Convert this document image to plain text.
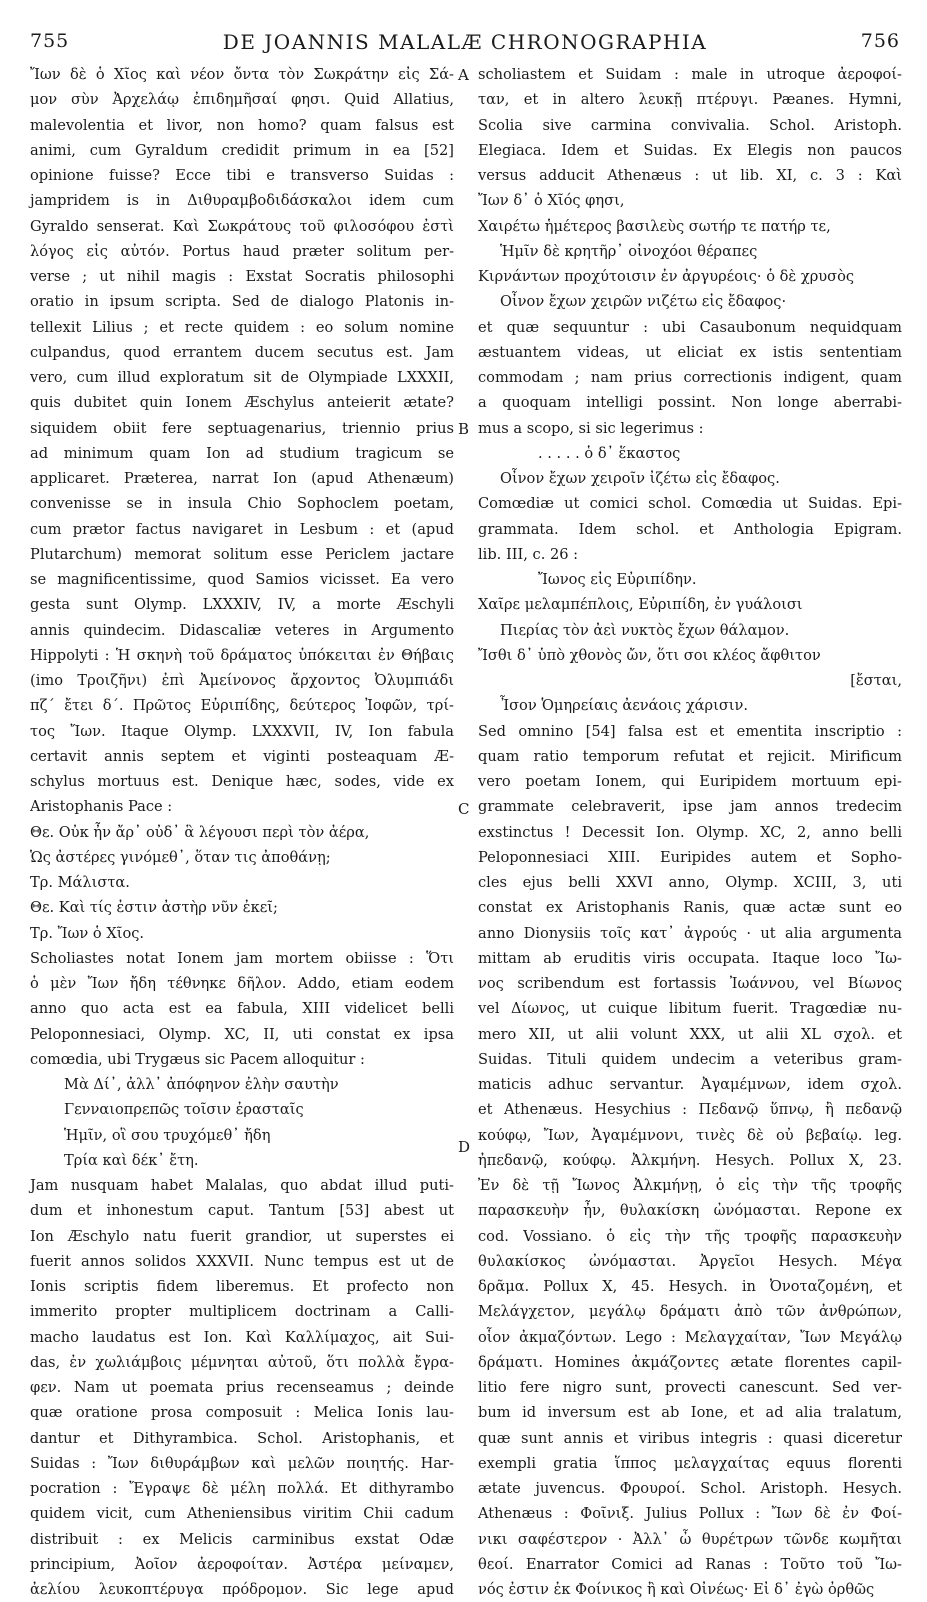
755	DE JOANNIS MALALÆ CHRONOGRAPHIA	756
Ἴων δὲ ὁ Χῖος καὶ νέον ὄντα τὸν Σωκράτην εἰς Σά-
μον σὺν Ἀρχελάῳ ἐπιδημῆσαί φησι. Quid Allatius,
malevolentia et livor, non homo? quam falsus est
animi, cum Gyraldum credidit primum in ea [52]
opinione fuisse? Ecce tibi e transverso Suidas :
jampridem is in Διθυραμβοδιδάσκαλοι idem cum
Gyraldo senserat. Καὶ Σωκράτους τοῦ φιλοσόφου ἐστὶ
λόγος εἰς αὐτόν. Portus haud præter solitum per-
verse ; ut nihil magis : Exstat Socratis philosophi
oratio in ipsum scripta. Sed de dialogo Platonis in-
tellexit Lilius ; et recte quidem : eo solum nomine
culpandus, quod errantem ducem secutus est. Jam
vero, cum illud exploratum sit de Olympiade LXXXII,
quis dubitet quin Ionem Æschylus anteierit ætate?
siquidem obiit fere septuagenarius, triennio prius
ad minimum quam Ion ad studium tragicum se
applicaret. Præterea, narrat Ion (apud Athenæum)
convenisse se in insula Chio Sophoclem poetam,
cum prætor factus navigaret in Lesbum : et (apud
Plutarchum) memorat solitum esse Periclem jactare
se magnificentissime, quod Samios vicisset. Ea vero
gesta sunt Olymp. LXXXIV, IV, a morte Æschyli
annis quindecim. Didascaliæ veteres in Argumento
Hippolyti : Ἡ σκηνὴ τοῦ δράματος ὑπόκειται ἐν Θήβαις
(imo Τροιζῆνι) ἐπὶ Ἀμείνονος ἄρχοντος Ὀλυμπιάδι
πζ΄ ἔτει δ΄. Πρῶτος Εὐριπίδης, δεύτερος Ἰοφῶν, τρί-
τος Ἴων. Itaque Olymp. LXXXVII, IV, Ion fabula
certavit annis septem et viginti posteaquam Æ-
schylus mortuus est. Denique hæc, sodes, vide ex
Aristophanis Pace :
Θε. Οὐκ ἦν ἄρ᾽ οὐδ᾽ ἃ λέγουσι περὶ τὸν ἀέρα,
Ὡς ἀστέρες γινόμεθ᾽, ὅταν τις ἀποθάνῃ;
Τρ. Μάλιστα.
Θε. Καὶ τίς ἐστιν ἀστὴρ νῦν ἐκεῖ;
Τρ. Ἴων ὁ Χῖος.
Scholiastes notat Ionem jam mortem obiisse : Ὅτι
ὁ μὲν Ἴων ἤδη τέθνηκε δῆλον. Addo, etiam eodem
anno quo acta est ea fabula, XIII videlicet belli
Peloponnesiaci, Olymp. XC, II, uti constat ex ipsa
comœdia, ubi Trygæus sic Pacem alloquitur :
Μὰ Δί᾽, ἀλλ᾽ ἀπόφηνον ἐλὴν σαυτὴν
Γενναιοπρεπῶς τοῖσιν ἐρασταῖς
Ἡμῖν, οἳ σου τρυχόμεθ᾽ ἤδη
Τρία καὶ δέκ᾽ ἔτη.
Jam nusquam habet Malalas, quo abdat illud puti-
dum et inhonestum caput. Tantum [53] abest ut
Ion Æschylo natu fuerit grandior, ut superstes ei
fuerit annos solidos XXXVII. Nunc tempus est ut de
Ionis scriptis fidem liberemus. Et profecto non
immerito propter multiplicem doctrinam a Calli-
macho laudatus est Ion. Καὶ Καλλίμαχος, ait Sui-
das, ἐν χωλιάμβοις μέμνηται αὐτοῦ, ὅτι πολλὰ ἔγρα-
φεν. Nam ut poemata prius recenseamus ; deinde
quæ oratione prosa composuit : Melica Ionis lau-
dantur et Dithyrambica. Schol. Aristophanis, et
Suidas : Ἴων διθυράμβων καὶ μελῶν ποιητής. Har-
pocration : Ἔγραψε δὲ μέλη πολλά. Et dithyrambo
quidem vicit, cum Atheniensibus viritim Chii cadum
distribuit : ex Melicis carminibus exstat Odæ
principium, Ἀοῖον ἀεροφοίταν. Ἀστέρα μείναμεν,
ἀελίου λευκοπτέρυγα πρόδρομον. Sic lege apud
scholiastem et Suidam : male in utroque ἀεροφοί-
ταν, et in altero λευκῇ πτέρυγι. Pæanes. Hymni,
Scolia sive carmina convivalia. Schol. Aristoph.
Elegiaca. Idem et Suidas. Ex Elegis non paucos
versus adducit Athenæus : ut lib. XI, c. 3 : Καὶ
Ἴων δ᾽ ὁ Χῖός φησι,
Χαιρέτω ἡμέτερος βασιλεὺς σωτήρ τε πατήρ τε,
Ἡμῖν δὲ κρητῆρ᾽ οἰνοχόοι θέραπες
Κιρνάντων προχύτοισιν ἐν ἀργυρέοις· ὁ δὲ χρυσὸς
Οἶνον ἔχων χειρῶν νιζέτω εἰς ἔδαφος·
et quæ sequuntur : ubi Casaubonum nequidquam
æstuantem videas, ut eliciat ex istis sententiam
commodam ; nam prius correctionis indigent, quam
a quoquam intelligi possint. Non longe aberrabi-
mus a scopo, si sic legerimus :
. . . . . ὁ δ᾽ ἕκαστος
Οἶνον ἔχων χειροῖν ἰζέτω εἰς ἔδαφος.
Comœdiæ ut comici schol. Comœdia ut Suidas. Epi-
grammata. Idem schol. et Anthologia Epigram.
lib. III, c. 26 :
Ἴωνος εἰς Εὐριπίδην.
Χαῖρε μελαμπέπλοις, Εὐριπίδη, ἐν γυάλοισι
Πιερίας τὸν ἀεὶ νυκτὸς ἔχων θάλαμον.
Ἴσθι δ᾽ ὑπὸ χθονὸς ὤν, ὅτι σοι κλέος ἄφθιτον
[ἔσται,
Ἶσον Ὁμηρείαις ἀενάοις χάρισιν.
Sed omnino [54] falsa est et ementita inscriptio :
quam ratio temporum refutat et rejicit. Mirificum
vero poetam Ionem, qui Euripidem mortuum epi-
grammate celebraverit, ipse jam annos tredecim
exstinctus ! Decessit Ion. Olymp. XC, 2, anno belli
Peloponnesiaci XIII. Euripides autem et Sopho-
cles ejus belli XXVI anno, Olymp. XCIII, 3, uti
constat ex Aristophanis Ranis, quæ actæ sunt eo
anno Dionysiis τοῖς κατ᾽ ἀγρούς · ut alia argumenta
mittam ab eruditis viris occupata. Itaque loco Ἴω-
νος scribendum est fortassis Ἰωάννου, vel Βίωνος
vel Δίωνος, ut cuique libitum fuerit. Tragœdiæ nu-
mero XII, ut alii volunt XXX, ut alii XL σχολ. et
Suidas. Tituli quidem undecim a veteribus gram-
maticis adhuc servantur. Ἀγαμέμνων, idem σχολ.
et Athenæus. Hesychius : Πεδανῷ ὕπνῳ, ἢ πεδανῷ
κούφῳ, Ἴων, Ἀγαμέμνονι, τινὲς δὲ οὐ βεβαίῳ. leg.
ἠπεδανῷ, κούφῳ. Ἀλκμήνη. Hesych. Pollux X, 23.
Ἐν δὲ τῇ Ἴωνος Ἀλκμήνῃ, ὁ εἰς τὴν τῆς τροφῆς
παρασκευὴν ἦν, θυλακίσκη ὠνόμασται. Repone ex
cod. Vossiano. ὁ εἰς τὴν τῆς τροφῆς παρασκευὴν
θυλακίσκος ὠνόμασται. Ἀργεῖοι Hesych. Μέγα
δρᾶμα. Pollux X, 45. Hesych. in Ὀνοταζομένη, et
Μελάγχετον, μεγάλῳ δράματι ἀπὸ τῶν ἀνθρώπων,
οἷον ἀκμαζόντων. Lego : Μελαγχαίταν, Ἴων Μεγάλῳ
δράματι. Homines ἀκμάζοντες ætate florentes capil-
litio fere nigro sunt, provecti canescunt. Sed ver-
bum id inversum est ab Ione, et ad alia tralatum,
quæ sunt annis et viribus integris : quasi diceretur
exempli gratia ἵππος μελαγχαίτας equus florenti
ætate juvencus. Φρουροί. Schol. Aristoph. Hesych.
Athenæus : Φοῖνιξ. Julius Pollux : Ἴων δὲ ἐν Φοί-
νικι σαφέστερον · Ἀλλ᾽ ὦ θυρέτρων τῶνδε κωμῆται
θεοί. Enarrator Comici ad Ranas : Τοῦτο τοῦ Ἴω-
νός ἐστιν ἐκ Φοίνικος ἢ καὶ Οἰνέως· Εἰ δ᾽ ἐγὼ ὀρθῶς
A
B
C
D
